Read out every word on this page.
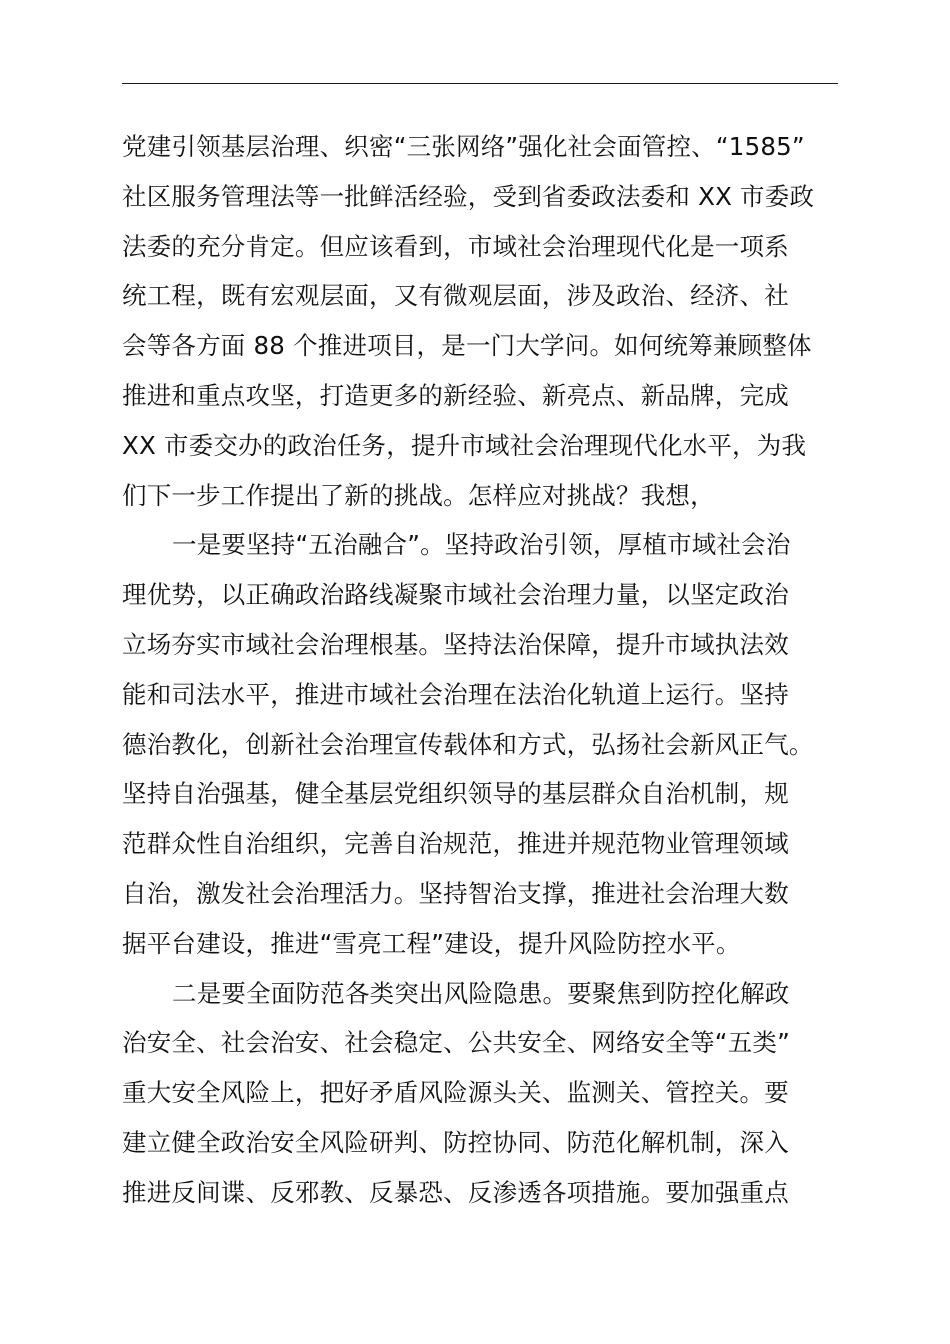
党建引领基层治理、织密“三张网络”强化社会面管控、“1585”
社区服务管理法等一批鲜活经验，受到省委政法委和 XX 市委政
法委的充分肯定。但应该看到，市域社会治理现代化是一项系
统工程，既有宏观层面，又有微观层面，涉及政治、经济、社
会等各方面 88 个推进项目，是一门大学问。如何统筹兼顾整体
推进和重点攻坚，打造更多的新经验、新亮点、新品牌，完成
XX 市委交办的政治任务，提升市域社会治理现代化水平，为我
们下一步工作提出了新的挑战。怎样应对挑战？我想，
一是要坚持“五治融合”。坚持政治引领，厚植市域社会治
理优势，以正确政治路线凝聚市域社会治理力量，以坚定政治
立场夯实市域社会治理根基。坚持法治保障，提升市域执法效
能和司法水平，推进市域社会治理在法治化轨道上运行。坚持
德治教化，创新社会治理宣传载体和方式，弘扬社会新风正气。
坚持自治强基，健全基层党组织领导的基层群众自治机制，规
范群众性自治组织，完善自治规范，推进并规范物业管理领域
自治，激发社会治理活力。坚持智治支撑，推进社会治理大数
据平台建设，推进“雪亮工程”建设，提升风险防控水平。
二是要全面防范各类突出风险隐患。要聚焦到防控化解政
治安全、社会治安、社会稳定、公共安全、网络安全等“五类”
重大安全风险上，把好矛盾风险源头关、监测关、管控关。要
建立健全政治安全风险研判、防控协同、防范化解机制，深入
推进反间谍、反邪教、反暴恐、反渗透各项措施。要加强重点
